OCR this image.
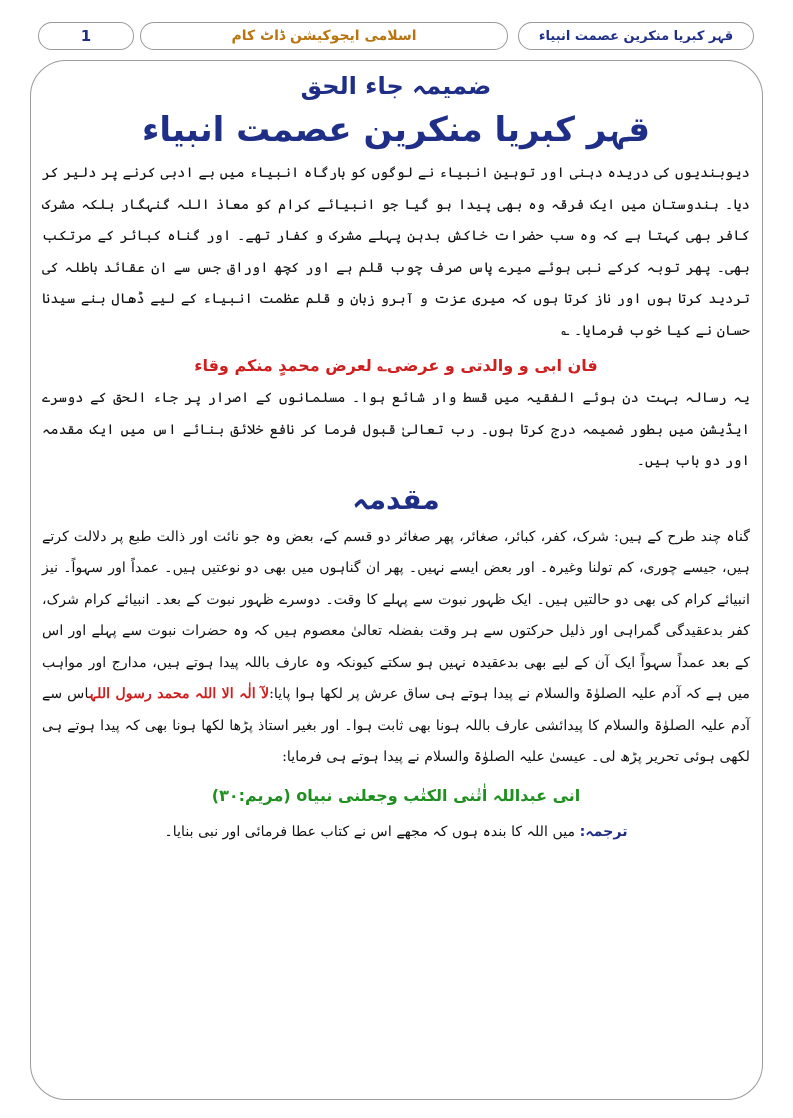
قہر کبریا منکرین عصمت انبیاء
اسلامی ایجوکیشن ڈاٹ کام
1
ضمیمہ جاء الحق
قہر کبریا منکرین عصمت انبیاء

دیوبندیوں کی دریدہ دہنی اور توہین انبیاء نے لوگوں کو بارگاہ انبیاء میں بے ادبی کرنے پر دلیر کر دیا۔ ہندوستان میں ایک فرقہ وہ بھی پیدا ہو گیا جو انبیائے کرام کو معاذ اللہ گنہگار بلکہ مشرک کافر بھی کہتا ہے کہ وہ سب حضرات خاکش بدہن پہلے مشرک و کفار تھے۔ اور گناہ کبائر کے مرتکب بھی۔ پھر توبہ کرکے نبی ہوئے میرے پاس صرف چوب قلم ہے اور کچھ اوراق جس سے ان عقائد باطلہ کی تردید کرتا ہوں اور ناز کرتا ہوں کہ میری عزت و آبرو زبان و قلم عظمت انبیاء کے لیے ڈھال بنے سیدنا حسان نے کیا خوب فرمایا۔ ؎

فان ابی و والدتی و عرضی؎ لعرض محمدٍ منکم وقاء

یہ رسالہ بہت دن ہوئے الفقیہ میں قسط وار شائع ہوا۔ مسلمانوں کے اصرار پر جاء الحق کے دوسرے ایڈیشن میں بطور ضمیمہ درج کرتا ہوں۔ رب تعالیٰ قبول فرما کر نافع خلائق بنائے اس میں ایک مقدمہ اور دو باب ہیں۔

مقدمہ

گناہ چند طرح کے ہیں: شرک، کفر، کبائر، صغائر، پھر صغائر دو قسم کے، بعض وہ جو نائت اور ذالت طبع پر دلالت کرتے ہیں، جیسے چوری، کم تولنا وغیرہ۔ اور بعض ایسے نہیں۔ پھر ان گناہوں میں بھی دو نوعتیں ہیں۔ عمداً اور سہواً۔ نیز انبیائے کرام کی بھی دو حالتیں ہیں۔ ایک ظہور نبوت سے پہلے کا وقت۔ دوسرے ظہور نبوت کے بعد۔ انبیائے کرام شرک، کفر بدعقیدگی گمراہی اور ذلیل حرکتوں سے ہر وقت بفضلہ تعالیٰ معصوم ہیں کہ وہ حضرات نبوت سے پہلے اور اس کے بعد عمداً سہواً ایک آن کے لیے بھی بدعقیدہ نہیں ہو سکتے کیونکہ وہ عارف باللہ پیدا ہوتے ہیں، مدارج اور مواہب میں ہے کہ آدم علیہ الصلوٰۃ والسلام نے پیدا ہوتے ہی ساق عرش پر لکھا ہوا پایا:لآ الٰہ الا اللہ محمد رسول اللہاس سے آدم علیہ الصلوٰۃ والسلام کا پیدائشی عارف باللہ ہونا بھی ثابت ہوا۔ اور بغیر استاذ پڑھا لکھا ہونا بھی کہ پیدا ہوتے ہی لکھی ہوئی تحریر پڑھ لی۔ عیسیٰ علیہ الصلوٰۃ والسلام نے پیدا ہوتے ہی فرمایا:

انی عبداللہ اٰتٰنی الکتٰب وجعلنی نبیاo (مریم:۳۰)
ترجمہ: میں اللہ کا بندہ ہوں کہ مجھے اس نے کتاب عطا فرمائی اور نبی بنایا۔
